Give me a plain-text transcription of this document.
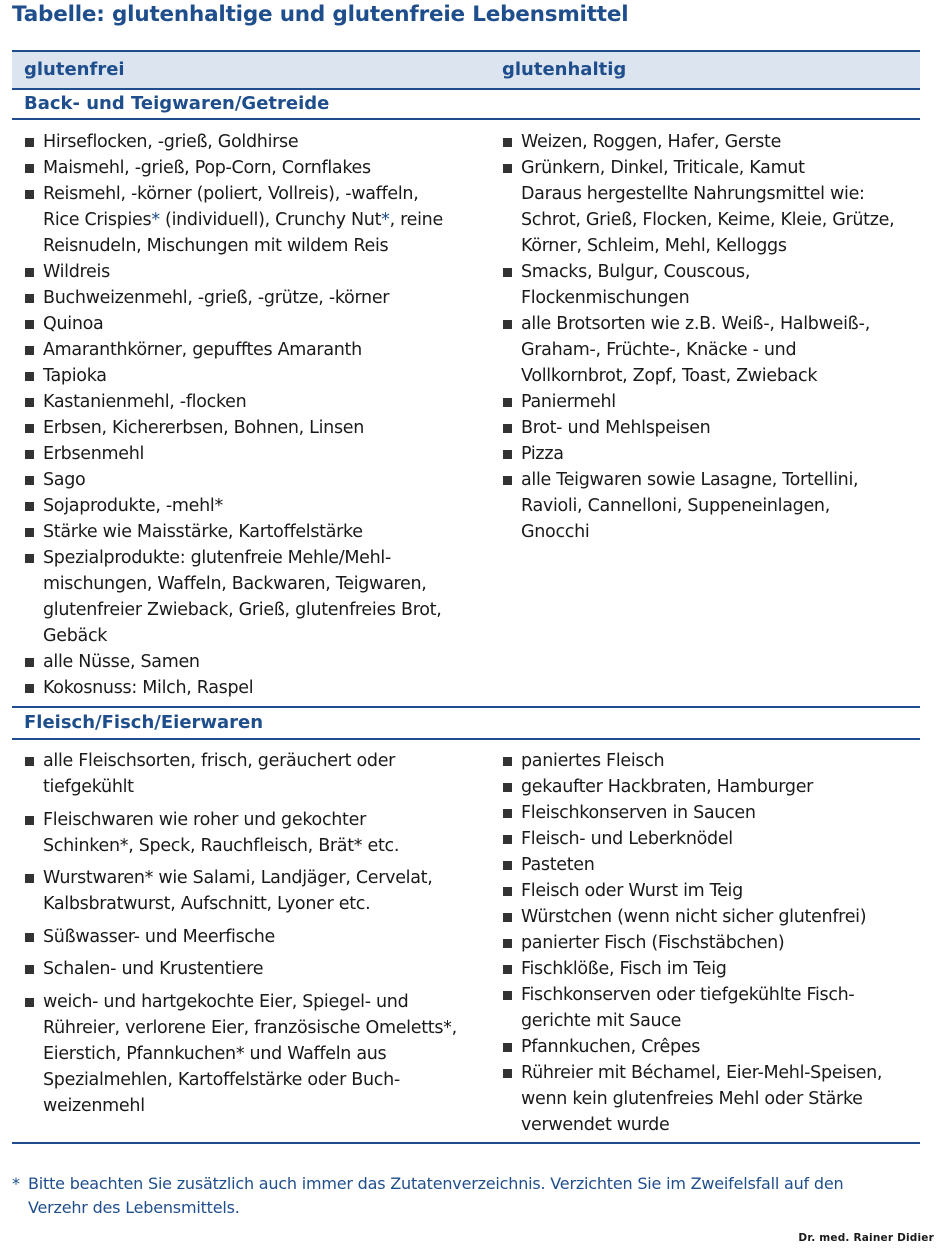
Tabelle: glutenhaltige und glutenfreie Lebensmittel
glutenfrei	glutenhaltig
Back- und Teigwaren/Getreide
Hirseflocken, -grieß, Goldhirse
Maismehl, -grieß, Pop-Corn, Cornflakes
Reismehl, -körner (poliert, Vollreis), -waffeln,
Rice Crispies* (individuell), Crunchy Nut*, reine
Reisnudeln, Mischungen mit wildem Reis
Wildreis
Buchweizenmehl, -grieß, -grütze, -körner
Quinoa
Amaranthkörner, gepufftes Amaranth
Tapioka
Kastanienmehl, -flocken
Erbsen, Kichererbsen, Bohnen, Linsen
Erbsenmehl
Sago
Sojaprodukte, -mehl*
Stärke wie Maisstärke, Kartoffelstärke
Spezialprodukte: glutenfreie Mehle/Mehl-
mischungen, Waffeln, Backwaren, Teigwaren,
glutenfreier Zwieback, Grieß, glutenfreies Brot,
Gebäck
alle Nüsse, Samen
Kokosnuss: Milch, Raspel
Weizen, Roggen, Hafer, Gerste
Grünkern, Dinkel, Triticale, Kamut
Daraus hergestellte Nahrungsmittel wie:
Schrot, Grieß, Flocken, Keime, Kleie, Grütze,
Körner, Schleim, Mehl, Kelloggs
Smacks, Bulgur, Couscous,
Flockenmischungen
alle Brotsorten wie z.B. Weiß-, Halbweiß-,
Graham-, Früchte-, Knäcke - und
Vollkornbrot, Zopf, Toast, Zwieback
Paniermehl
Brot- und Mehlspeisen
Pizza
alle Teigwaren sowie Lasagne, Tortellini,
Ravioli, Cannelloni, Suppeneinlagen,
Gnocchi
Fleisch/Fisch/Eierwaren
alle Fleischsorten, frisch, geräuchert oder
tiefgekühlt
Fleischwaren wie roher und gekochter
Schinken*, Speck, Rauchfleisch, Brät* etc.
Wurstwaren* wie Salami, Landjäger, Cervelat,
Kalbsbratwurst, Aufschnitt, Lyoner etc.
Süßwasser- und Meerfische
Schalen- und Krustentiere
weich- und hartgekochte Eier, Spiegel- und
Rühreier, verlorene Eier, französische Omeletts*,
Eierstich, Pfannkuchen* und Waffeln aus
Spezialmehlen, Kartoffelstärke oder Buch-
weizenmehl
paniertes Fleisch
gekaufter Hackbraten, Hamburger
Fleischkonserven in Saucen
Fleisch- und Leberknödel
Pasteten
Fleisch oder Wurst im Teig
Würstchen (wenn nicht sicher glutenfrei)
panierter Fisch (Fischstäbchen)
Fischklöße, Fisch im Teig
Fischkonserven oder tiefgekühlte Fisch-
gerichte mit Sauce
Pfannkuchen, Crêpes
Rühreier mit Béchamel, Eier-Mehl-Speisen,
wenn kein glutenfreies Mehl oder Stärke
verwendet wurde
* Bitte beachten Sie zusätzlich auch immer das Zutatenverzeichnis. Verzichten Sie im Zweifelsfall auf den Verzehr des Lebensmittels.
Dr. med. Rainer Didier
